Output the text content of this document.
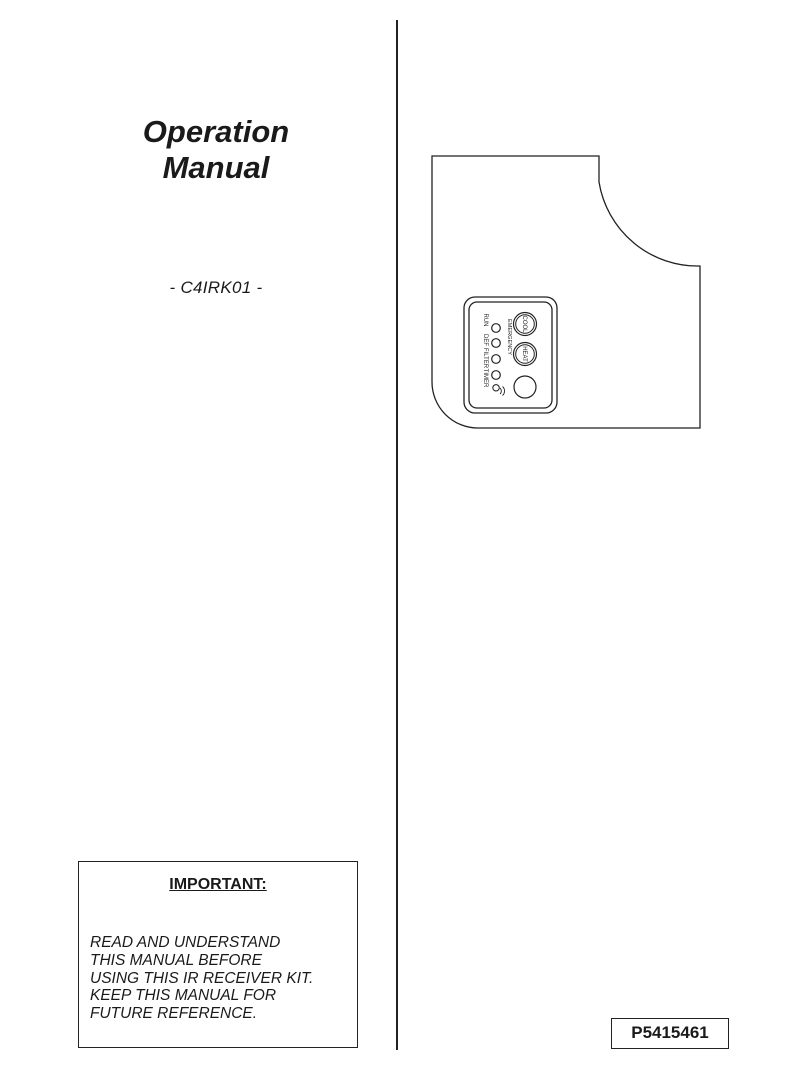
Operation
Manual
- C4IRK01 -
IMPORTANT:
READ AND UNDERSTAND
THIS MANUAL BEFORE
USING THIS IR RECEIVER KIT.
KEEP THIS MANUAL FOR
FUTURE REFERENCE.
P5415461
RUN
DEF
FILTER
TIMER
EMERGENCY COOL
HEAT
